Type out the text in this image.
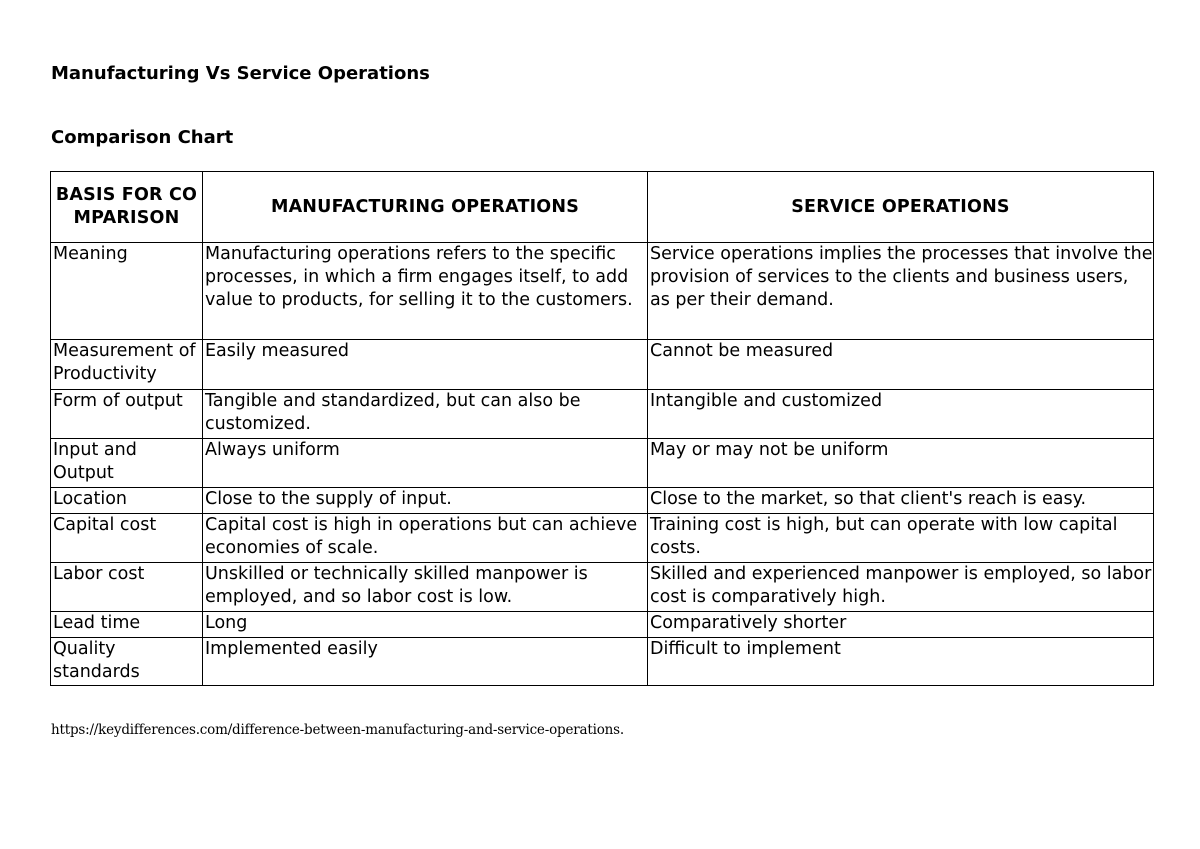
Manufacturing Vs Service Operations
Comparison Chart
BASIS FOR COMPARISON	MANUFACTURING OPERATIONS	SERVICE OPERATIONS
Meaning	Manufacturing operations refers to the specific processes, in which a firm engages itself, to add value to products, for selling it to the customers.	Service operations implies the processes that involve the provision of services to the clients and business users, as per their demand.
Measurement of Productivity	Easily measured	Cannot be measured
Form of output	Tangible and standardized, but can also be customized.	Intangible and customized
Input and Output	Always uniform	May or may not be uniform
Location	Close to the supply of input.	Close to the market, so that client's reach is easy.
Capital cost	Capital cost is high in operations but can achieve economies of scale.	Training cost is high, but can operate with low capital costs.
Labor cost	Unskilled or technically skilled manpower is employed, and so labor cost is low.	Skilled and experienced manpower is employed, so labor cost is comparatively high.
Lead time	Long	Comparatively shorter
Quality standards	Implemented easily	Difficult to implement
https://keydifferences.com/difference-between-manufacturing-and-service-operations.
